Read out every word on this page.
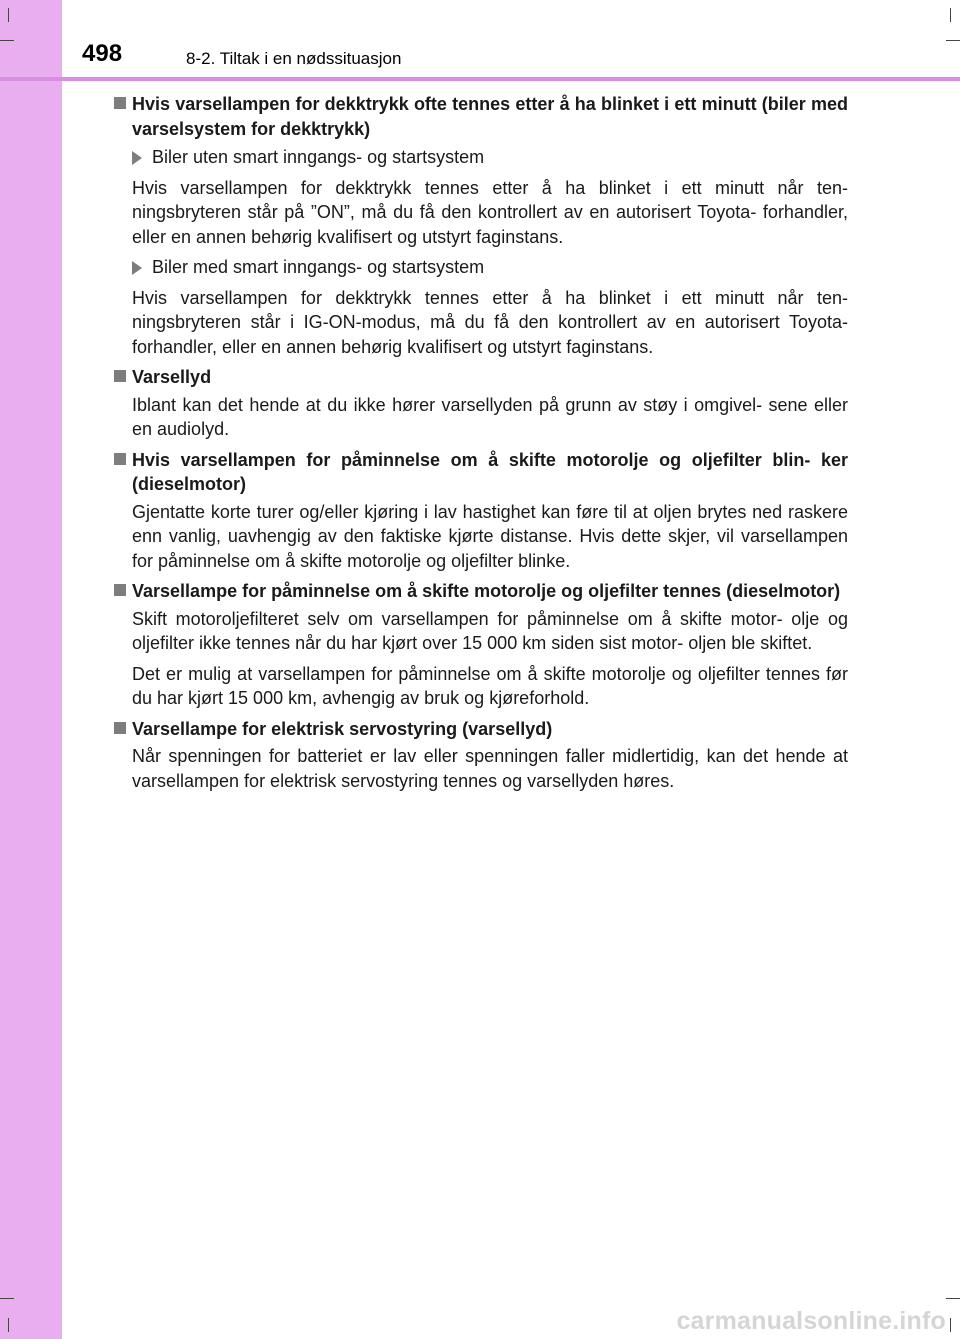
498	8-2. Tiltak i en nødssituasjon
Hvis varsellampen for dekktrykk ofte tennes etter å ha blinket i ett minutt (biler med varselsystem for dekktrykk)
Biler uten smart inngangs- og startsystem

Hvis varsellampen for dekktrykk tennes etter å ha blinket i ett minutt når ten- ningsbryteren står på ”ON”, må du få den kontrollert av en autorisert Toyota- forhandler, eller en annen behørig kvalifisert og utstyrt faginstans.

Biler med smart inngangs- og startsystem

Hvis varsellampen for dekktrykk tennes etter å ha blinket i ett minutt når ten- ningsbryteren står i IG-ON-modus, må du få den kontrollert av en autorisert Toyota-forhandler, eller en annen behørig kvalifisert og utstyrt faginstans.

Varsellyd

Iblant kan det hende at du ikke hører varsellyden på grunn av støy i omgivel- sene eller en audiolyd.

Hvis varsellampen for påminnelse om å skifte motorolje og oljefilter blin- ker (dieselmotor)

Gjentatte korte turer og/eller kjøring i lav hastighet kan føre til at oljen brytes ned raskere enn vanlig, uavhengig av den faktiske kjørte distanse. Hvis dette skjer, vil varsellampen for påminnelse om å skifte motorolje og oljefilter blinke.

Varsellampe for påminnelse om å skifte motorolje og oljefilter tennes (dieselmotor)

Skift motoroljefilteret selv om varsellampen for påminnelse om å skifte motor- olje og oljefilter ikke tennes når du har kjørt over 15 000 km siden sist motor- oljen ble skiftet.

Det er mulig at varsellampen for påminnelse om å skifte motorolje og oljefilter tennes før du har kjørt 15 000 km, avhengig av bruk og kjøreforhold.

Varsellampe for elektrisk servostyring (varsellyd)

Når spenningen for batteriet er lav eller spenningen faller midlertidig, kan det hende at varsellampen for elektrisk servostyring tennes og varsellyden høres.

carmanualsonline.info
